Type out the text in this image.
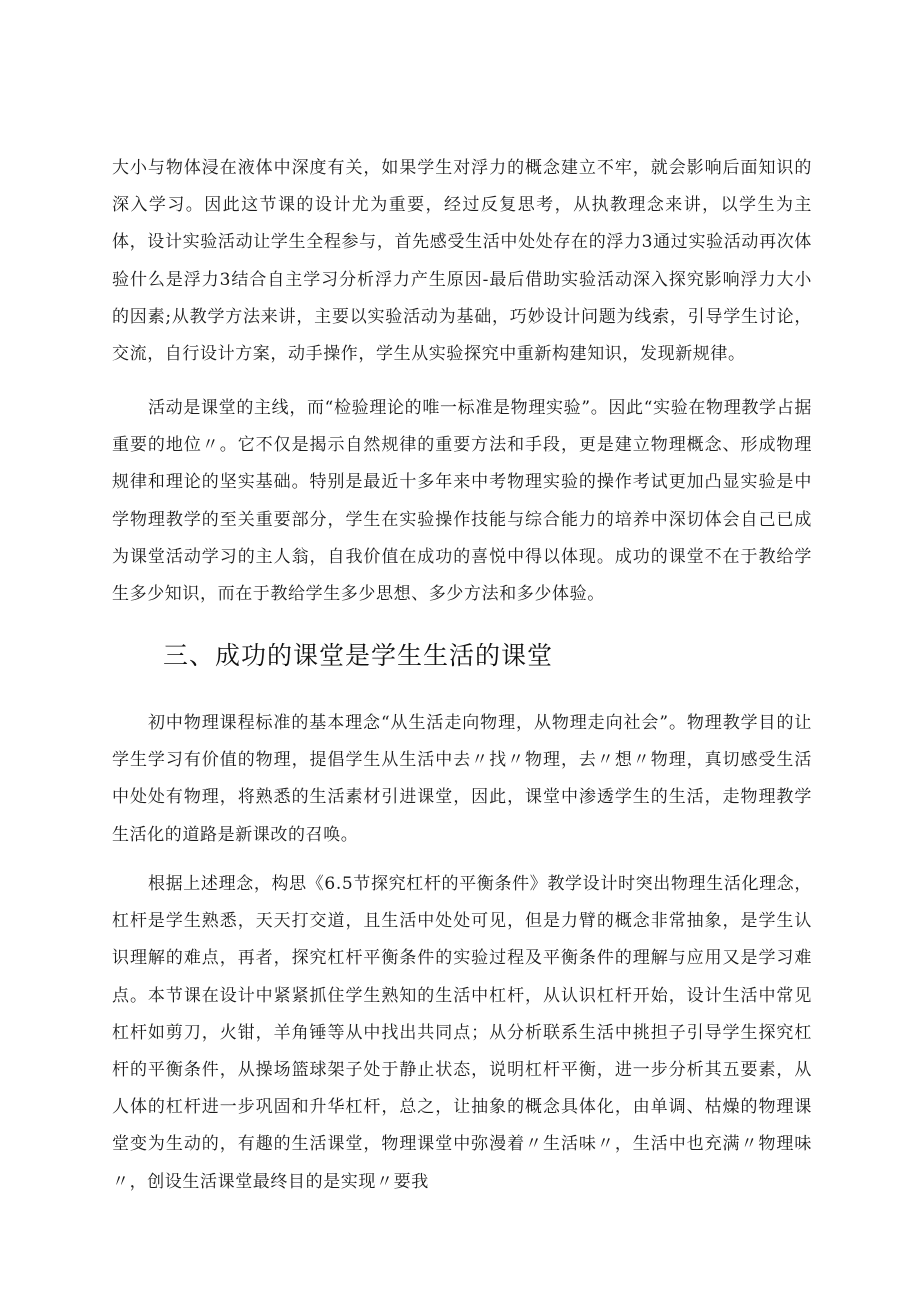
大小与物体浸在液体中深度有关，如果学生对浮力的概念建立不牢，就会影响后面知识的深入学习。因此这节课的设计尤为重要，经过反复思考，从执教理念来讲，以学生为主体，设计实验活动让学生全程参与，首先感受生活中处处存在的浮力3通过实验活动再次体验什么是浮力3结合自主学习分析浮力产生原因-最后借助实验活动深入探究影响浮力大小的因素;从教学方法来讲，主要以实验活动为基础，巧妙设计问题为线索，引导学生讨论，交流，自行设计方案，动手操作，学生从实验探究中重新构建知识，发现新规律。

活动是课堂的主线，而“检验理论的唯一标准是物理实验”。因此“实验在物理教学占据重要的地位〃。它不仅是揭示自然规律的重要方法和手段，更是建立物理概念、形成物理规律和理论的坚实基础。特别是最近十多年来中考物理实验的操作考试更加凸显实验是中学物理教学的至关重要部分，学生在实验操作技能与综合能力的培养中深切体会自己已成为课堂活动学习的主人翁，自我价值在成功的喜悦中得以体现。成功的课堂不在于教给学生多少知识，而在于教给学生多少思想、多少方法和多少体验。

三、成功的课堂是学生生活的课堂

初中物理课程标准的基本理念“从生活走向物理，从物理走向社会”。物理教学目的让学生学习有价值的物理，提倡学生从生活中去〃找〃物理，去〃想〃物理，真切感受生活中处处有物理，将熟悉的生活素材引进课堂，因此，课堂中渗透学生的生活，走物理教学生活化的道路是新课改的召唤。

根据上述理念，构思《6.5节探究杠杆的平衡条件》教学设计时突出物理生活化理念，杠杆是学生熟悉，天天打交道，且生活中处处可见，但是力臂的概念非常抽象，是学生认识理解的难点，再者，探究杠杆平衡条件的实验过程及平衡条件的理解与应用又是学习难点。本节课在设计中紧紧抓住学生熟知的生活中杠杆，从认识杠杆开始，设计生活中常见杠杆如剪刀，火钳，羊角锤等从中找出共同点；从分析联系生活中挑担子引导学生探究杠杆的平衡条件，从操场篮球架子处于静止状态，说明杠杆平衡，进一步分析其五要素，从人体的杠杆进一步巩固和升华杠杆，总之，让抽象的概念具体化，由单调、枯燥的物理课堂变为生动的，有趣的生活课堂，物理课堂中弥漫着〃生活味〃，生活中也充满〃物理味〃，创设生活课堂最终目的是实现〃要我
